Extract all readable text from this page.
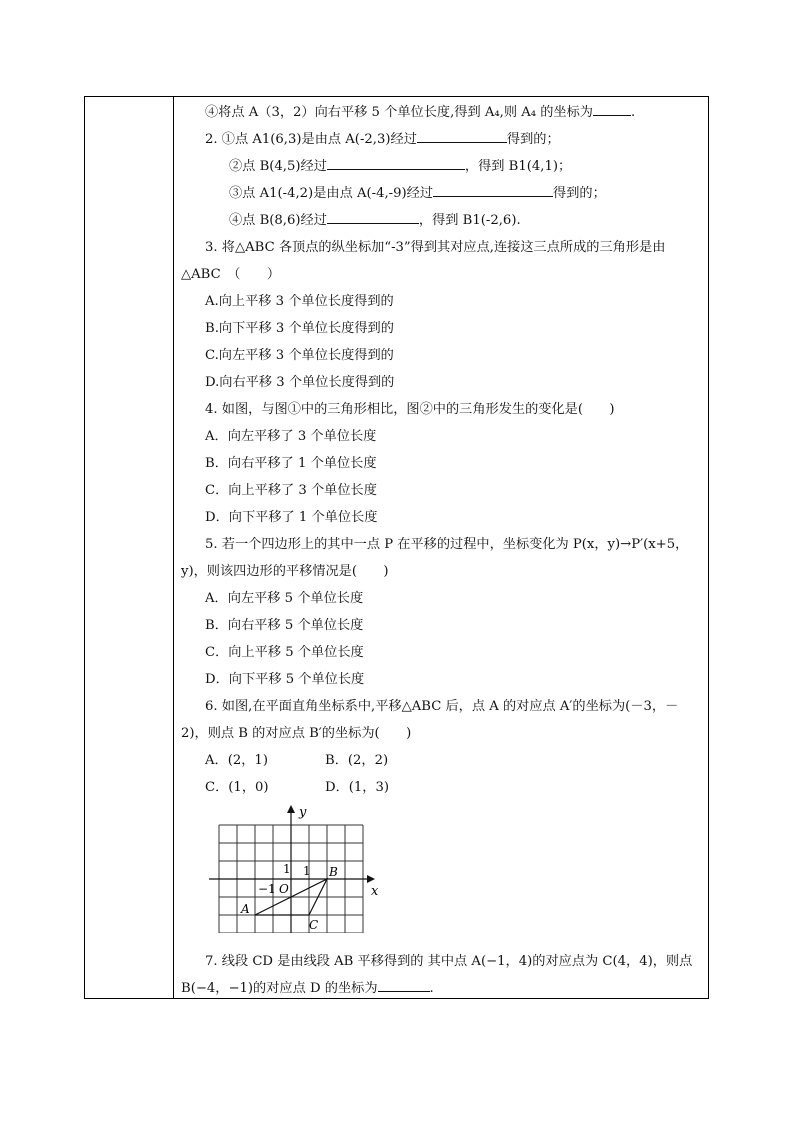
④将点 A（3，2）向右平移 5 个单位长度,得到 A₄,则 A₄ 的坐标为	.
2. ①点 A1(6,3)是由点 A(-2,3)经过	得到的；
②点 B(4,5)经过	，得到 B1(4,1)；
③点 A1(-4,2)是由点 A(-4,-9)经过	得到的；
④点 B(8,6)经过	，得到 B1(-2,6).
3. 将△ABC 各顶点的纵坐标加“-3”得到其对应点,连接这三点所成的三角形是由
△ABC　（　　）
A.向上平移 3 个单位长度得到的
B.向下平移 3 个单位长度得到的
C.向左平移 3 个单位长度得到的
D.向右平移 3 个单位长度得到的
4. 如图，与图①中的三角形相比，图②中的三角形发生的变化是(　　)
A．向左平移了 3 个单位长度
B．向右平移了 1 个单位长度
C．向上平移了 3 个单位长度
D．向下平移了 1 个单位长度
5. 若一个四边形上的其中一点 P 在平移的过程中，坐标变化为 P(x，y)→P′(x+5，
y)，则该四边形的平移情况是(　　)
A．向左平移 5 个单位长度
B．向右平移 5 个单位长度
C．向上平移 5 个单位长度
D．向下平移 5 个单位长度
6. 如图,在平面直角坐标系中,平移△ABC 后，点 A 的对应点 A′的坐标为(－3，－
2)，则点 B 的对应点 B′的坐标为(　　)
A．(2，1)	B．(2，2)
C．(1，0)	D．(1，3)
y
x
O
−1
1 1 B
A
C
7. 线段 CD 是由线段 AB 平移得到的 其中点 A(−1，4)的对应点为 C(4，4)，则点
B(−4，−1)的对应点 D 的坐标为	.
